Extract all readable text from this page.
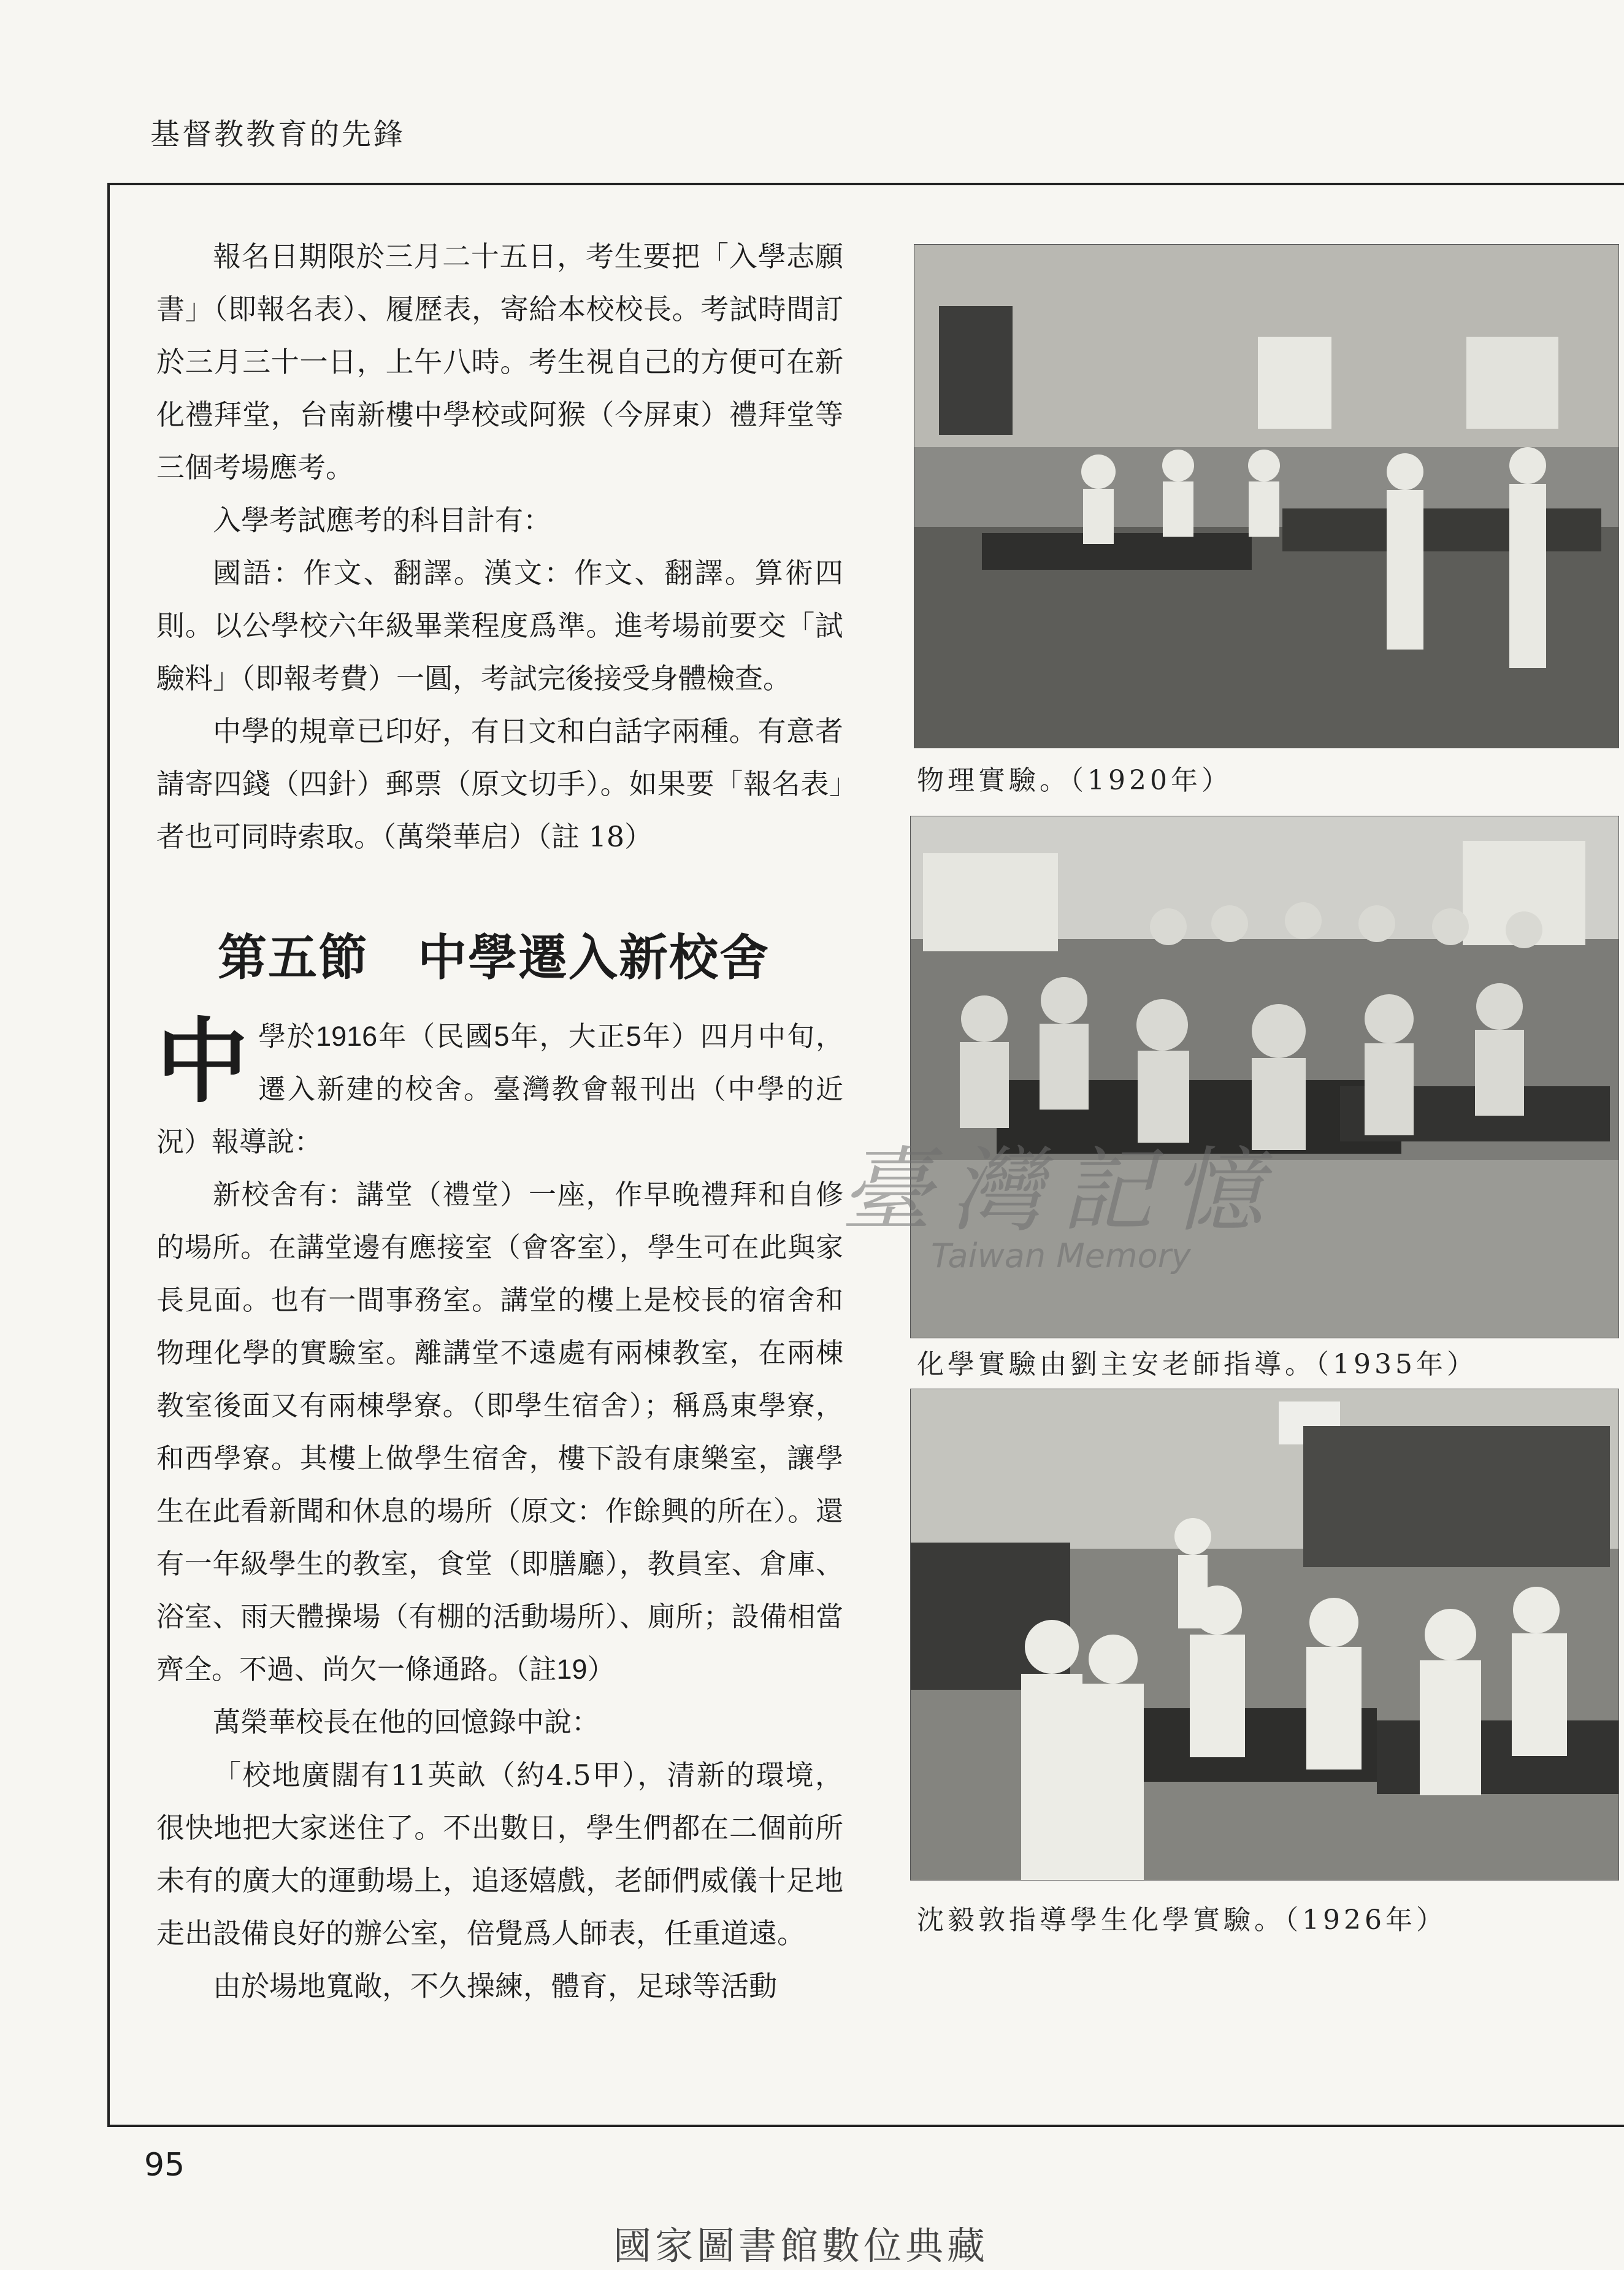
基督教教育的先鋒

報名日期限於三月二十五日，考生要把「入學志願書」（即報名表）、履歷表，寄給本校校長。考試時間訂於三月三十一日，上午八時。考生視自己的方便可在新化禮拜堂，台南新樓中學校或阿猴（今屏東）禮拜堂等三個考場應考。

入學考試應考的科目計有：

國語：作文、翻譯。漢文：作文、翻譯。算術四則。以公學校六年級畢業程度爲準。進考場前要交「試驗料」（即報考費）一圓，考試完後接受身體檢查。

中學的規章已印好，有日文和白話字兩種。有意者請寄四錢（四針）郵票（原文切手）。如果要「報名表」者也可同時索取。（萬榮華启）（註 18）

第五節 中學遷入新校舍

中學於1916年（民國5年，大正5年）四月中旬，遷入新建的校舍。臺灣教會報刊出（中學的近況）報導說：

新校舍有：講堂（禮堂）一座，作早晚禮拜和自修的場所。在講堂邊有應接室（會客室），學生可在此與家長見面。也有一間事務室。講堂的樓上是校長的宿舍和物理化學的實驗室。離講堂不遠處有兩棟教室，在兩棟教室後面又有兩棟學寮。（即學生宿舍）；稱爲東學寮，和西學寮。其樓上做學生宿舍，樓下設有康樂室，讓學生在此看新聞和休息的場所（原文：作餘興的所在）。還有一年級學生的教室，食堂（即膳廳），教員室、倉庫、浴室、雨天體操場（有棚的活動場所）、廁所；設備相當齊全。不過、尚欠一條通路。（註19）

萬榮華校長在他的回憶錄中說：

「校地廣闊有11英畝（約4.5甲），清新的環境，很快地把大家迷住了。不出數日，學生們都在二個前所未有的廣大的運動場上，追逐嬉戲，老師們威儀十足地走出設備良好的辦公室，倍覺爲人師表，任重道遠。

由於場地寬敞，不久操練，體育，足球等活動

物理實驗。（1920年）
化學實驗由劉主安老師指導。（1935年）
沈毅敦指導學生化學實驗。（1926年）
臺灣記憶
Taiwan Memory
95
國家圖書館數位典藏
